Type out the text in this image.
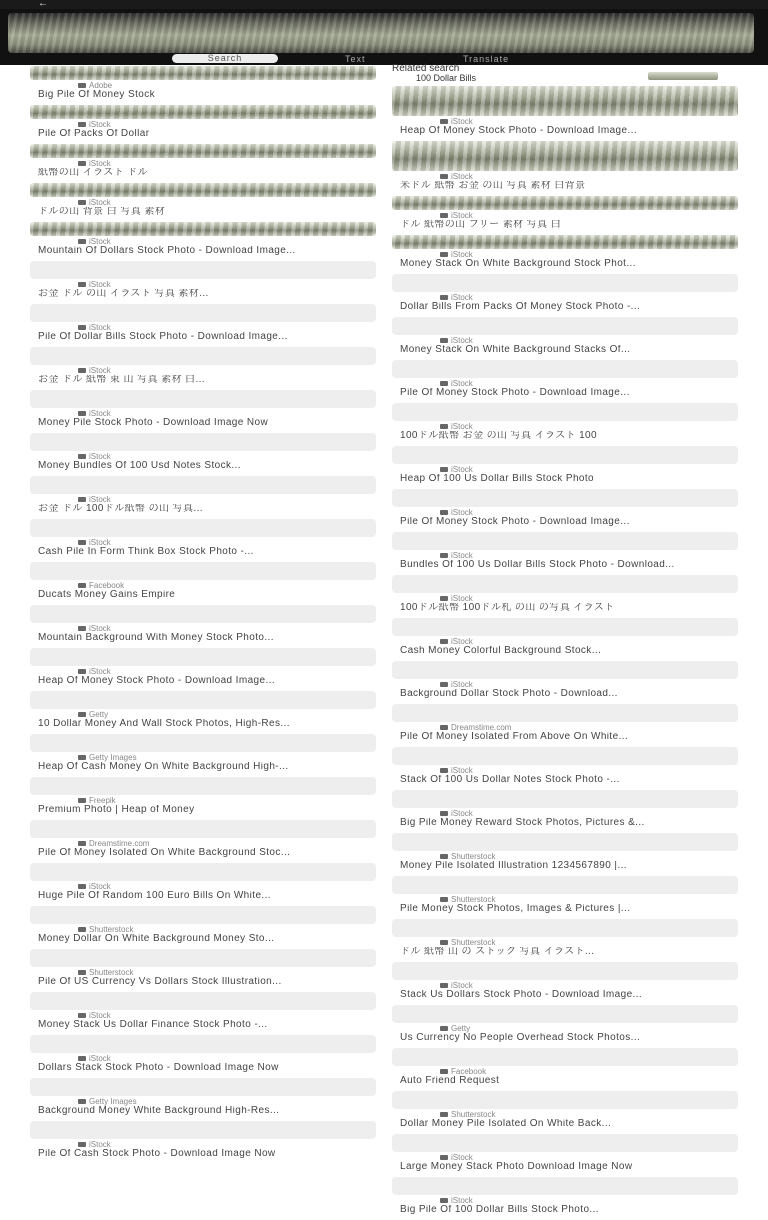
←
Search	Text	Translate
Related search
100 Dollar Bills
Adobe
Big Pile Of Money Stock
iStock
Pile Of Packs Of Dollar
iStock
紙幣の山 イラスト ドル
iStock
ドルの山 背景 白 写真 素材
iStock
Mountain Of Dollars Stock Photo - Download Image...
iStock
お金 ドル の山 イラスト 写真 素材...
iStock
Pile Of Dollar Bills Stock Photo - Download Image...
iStock
お金 ドル 紙幣 束 山 写真 素材 白...
iStock
Money Pile Stock Photo - Download Image Now
iStock
Money Bundles Of 100 Usd Notes Stock...
iStock
お金 ドル 100ドル紙幣 の山 写真...
iStock
Cash Pile In Form Think Box Stock Photo -...
Facebook
Ducats Money Gains Empire
iStock
Mountain Background With Money Stock Photo...
iStock
Heap Of Money Stock Photo - Download Image...
Getty
10 Dollar Money And Wall Stock Photos, High-Res...
Getty Images
Heap Of Cash Money On White Background High-...
Freepik
Premium Photo | Heap of Money
Dreamstime.com
Pile Of Money Isolated On White Background Stoc...
iStock
Huge Pile Of Random 100 Euro Bills On White...
Shutterstock
Money Dollar On White Background Money Sto...
Shutterstock
Pile Of US Currency Vs Dollars Stock Illustration...
iStock
Money Stack Us Dollar Finance Stock Photo -...
iStock
Dollars Stack Stock Photo - Download Image Now
Getty Images
Background Money White Background High-Res...
iStock
Pile Of Cash Stock Photo - Download Image Now
iStock
Heap Of Money Stock Photo - Download Image...
iStock
米ドル 紙幣 お金 の山 写真 素材 白背景
iStock
ドル 紙幣の山 フリー 素材 写真 白
iStock
Money Stack On White Background Stock Phot...
iStock
Dollar Bills From Packs Of Money Stock Photo -...
iStock
Money Stack On White Background Stacks Of...
iStock
Pile Of Money Stock Photo - Download Image...
iStock
100ドル紙幣 お金 の山 写真 イラスト 100
iStock
Heap Of 100 Us Dollar Bills Stock Photo
iStock
Pile Of Money Stock Photo - Download Image...
iStock
Bundles Of 100 Us Dollar Bills Stock Photo - Download...
iStock
100ドル紙幣 100ドル札 の山 の写真 イラスト
iStock
Cash Money Colorful Background Stock...
iStock
Background Dollar Stock Photo - Download...
Dreamstime.com
Pile Of Money Isolated From Above On White...
iStock
Stack Of 100 Us Dollar Notes Stock Photo -...
iStock
Big Pile Money Reward Stock Photos, Pictures &...
Shutterstock
Money Pile Isolated Illustration 1234567890 |...
Shutterstock
Pile Money Stock Photos, Images & Pictures |...
Shutterstock
ドル 紙幣 山 の ストック 写真 イラスト...
iStock
Stack Us Dollars Stock Photo - Download Image...
Getty
Us Currency No People Overhead Stock Photos...
Facebook
Auto Friend Request
Shutterstock
Dollar Money Pile Isolated On White Back...
iStock
Large Money Stack Photo Download Image Now
iStock
Big Pile Of 100 Dollar Bills Stock Photo...
